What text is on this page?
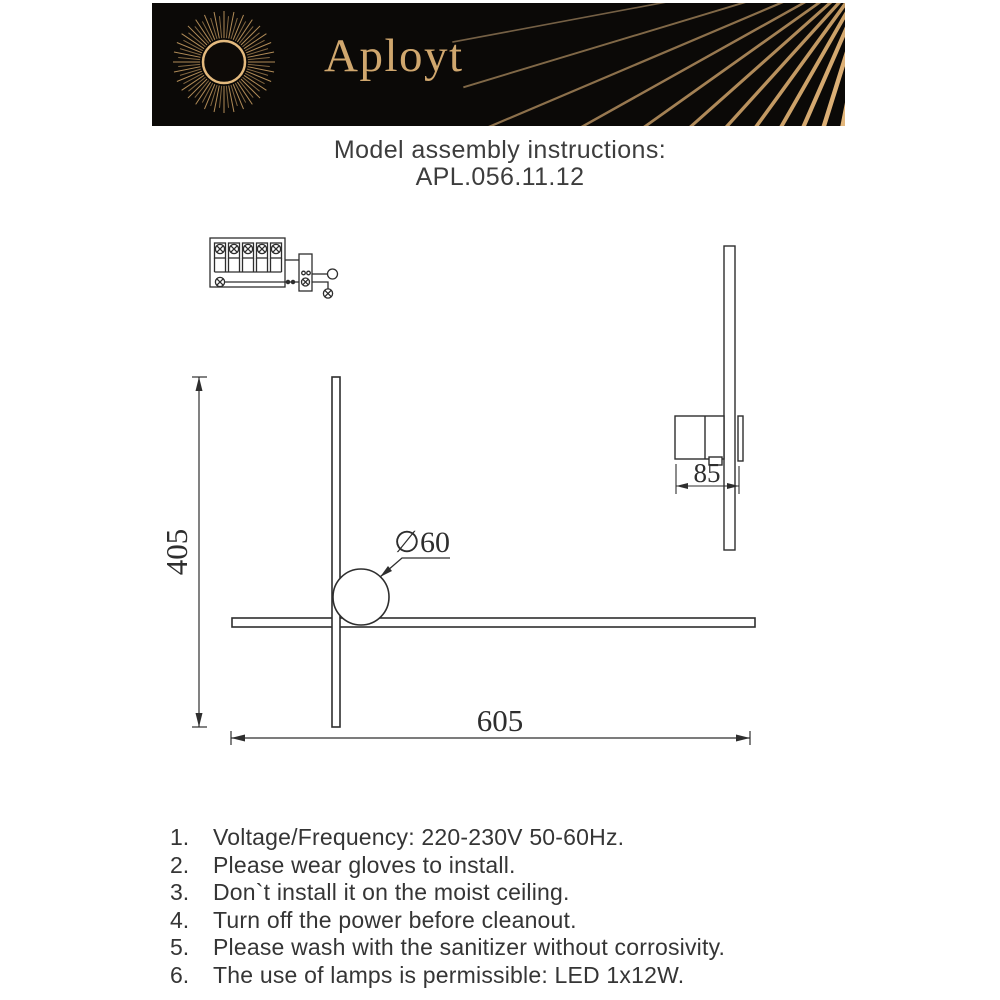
Aployt
Model assembly instructions:
APL.056.11.12
∅60
405
605
85
1.	Voltage/Frequency: 220-230V 50-60Hz.
2.	Please wear gloves to install.
3.	Don`t install it on the moist ceiling.
4.	Turn off the power before cleanout.
5.	Please wash with the sanitizer without corrosivity.
6.	The use of lamps is permissible: LED 1x12W.
